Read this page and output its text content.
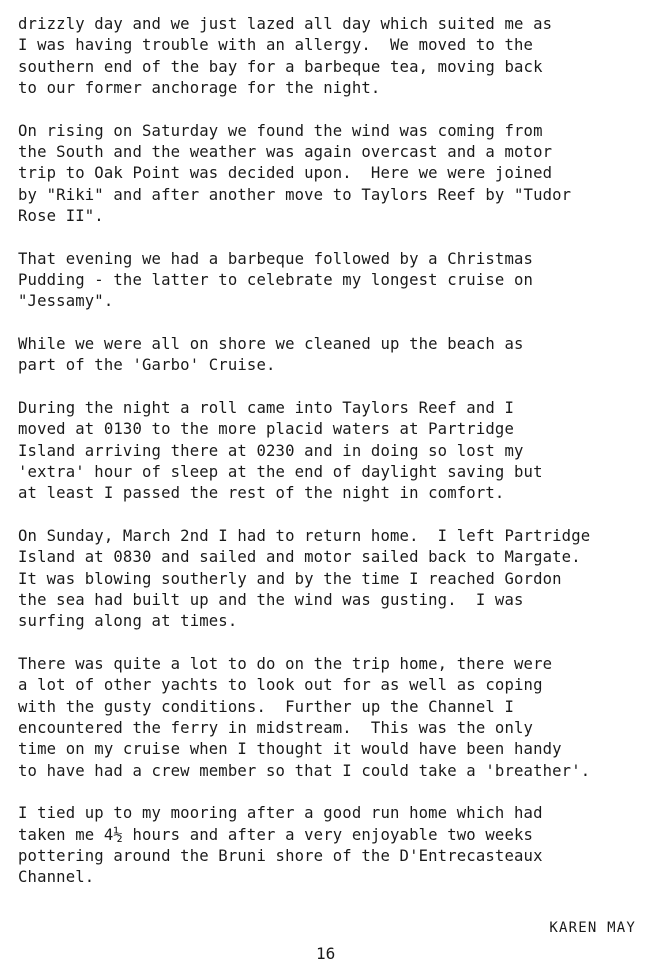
drizzly day and we just lazed all day which suited me as
I was having trouble with an allergy.  We moved to the
southern end of the bay for a barbeque tea, moving back
to our former anchorage for the night.
On rising on Saturday we found the wind was coming from
the South and the weather was again overcast and a motor
trip to Oak Point was decided upon.  Here we were joined
by "Riki" and after another move to Taylors Reef by "Tudor
Rose II".
That evening we had a barbeque followed by a Christmas
Pudding - the latter to celebrate my longest cruise on
"Jessamy".
While we were all on shore we cleaned up the beach as
part of the 'Garbo' Cruise.
During the night a roll came into Taylors Reef and I
moved at 0130 to the more placid waters at Partridge
Island arriving there at 0230 and in doing so lost my
'extra' hour of sleep at the end of daylight saving but
at least I passed the rest of the night in comfort.
On Sunday, March 2nd I had to return home.  I left Partridge
Island at 0830 and sailed and motor sailed back to Margate.
It was blowing southerly and by the time I reached Gordon
the sea had built up and the wind was gusting.  I was
surfing along at times.
There was quite a lot to do on the trip home, there were
a lot of other yachts to look out for as well as coping
with the gusty conditions.  Further up the Channel I
encountered the ferry in midstream.  This was the only
time on my cruise when I thought it would have been handy
to have had a crew member so that I could take a 'breather'.
I tied up to my mooring after a good run home which had
taken me 4½ hours and after a very enjoyable two weeks
pottering around the Bruni shore of the D'Entrecasteaux
Channel.
KAREN MAY
16
